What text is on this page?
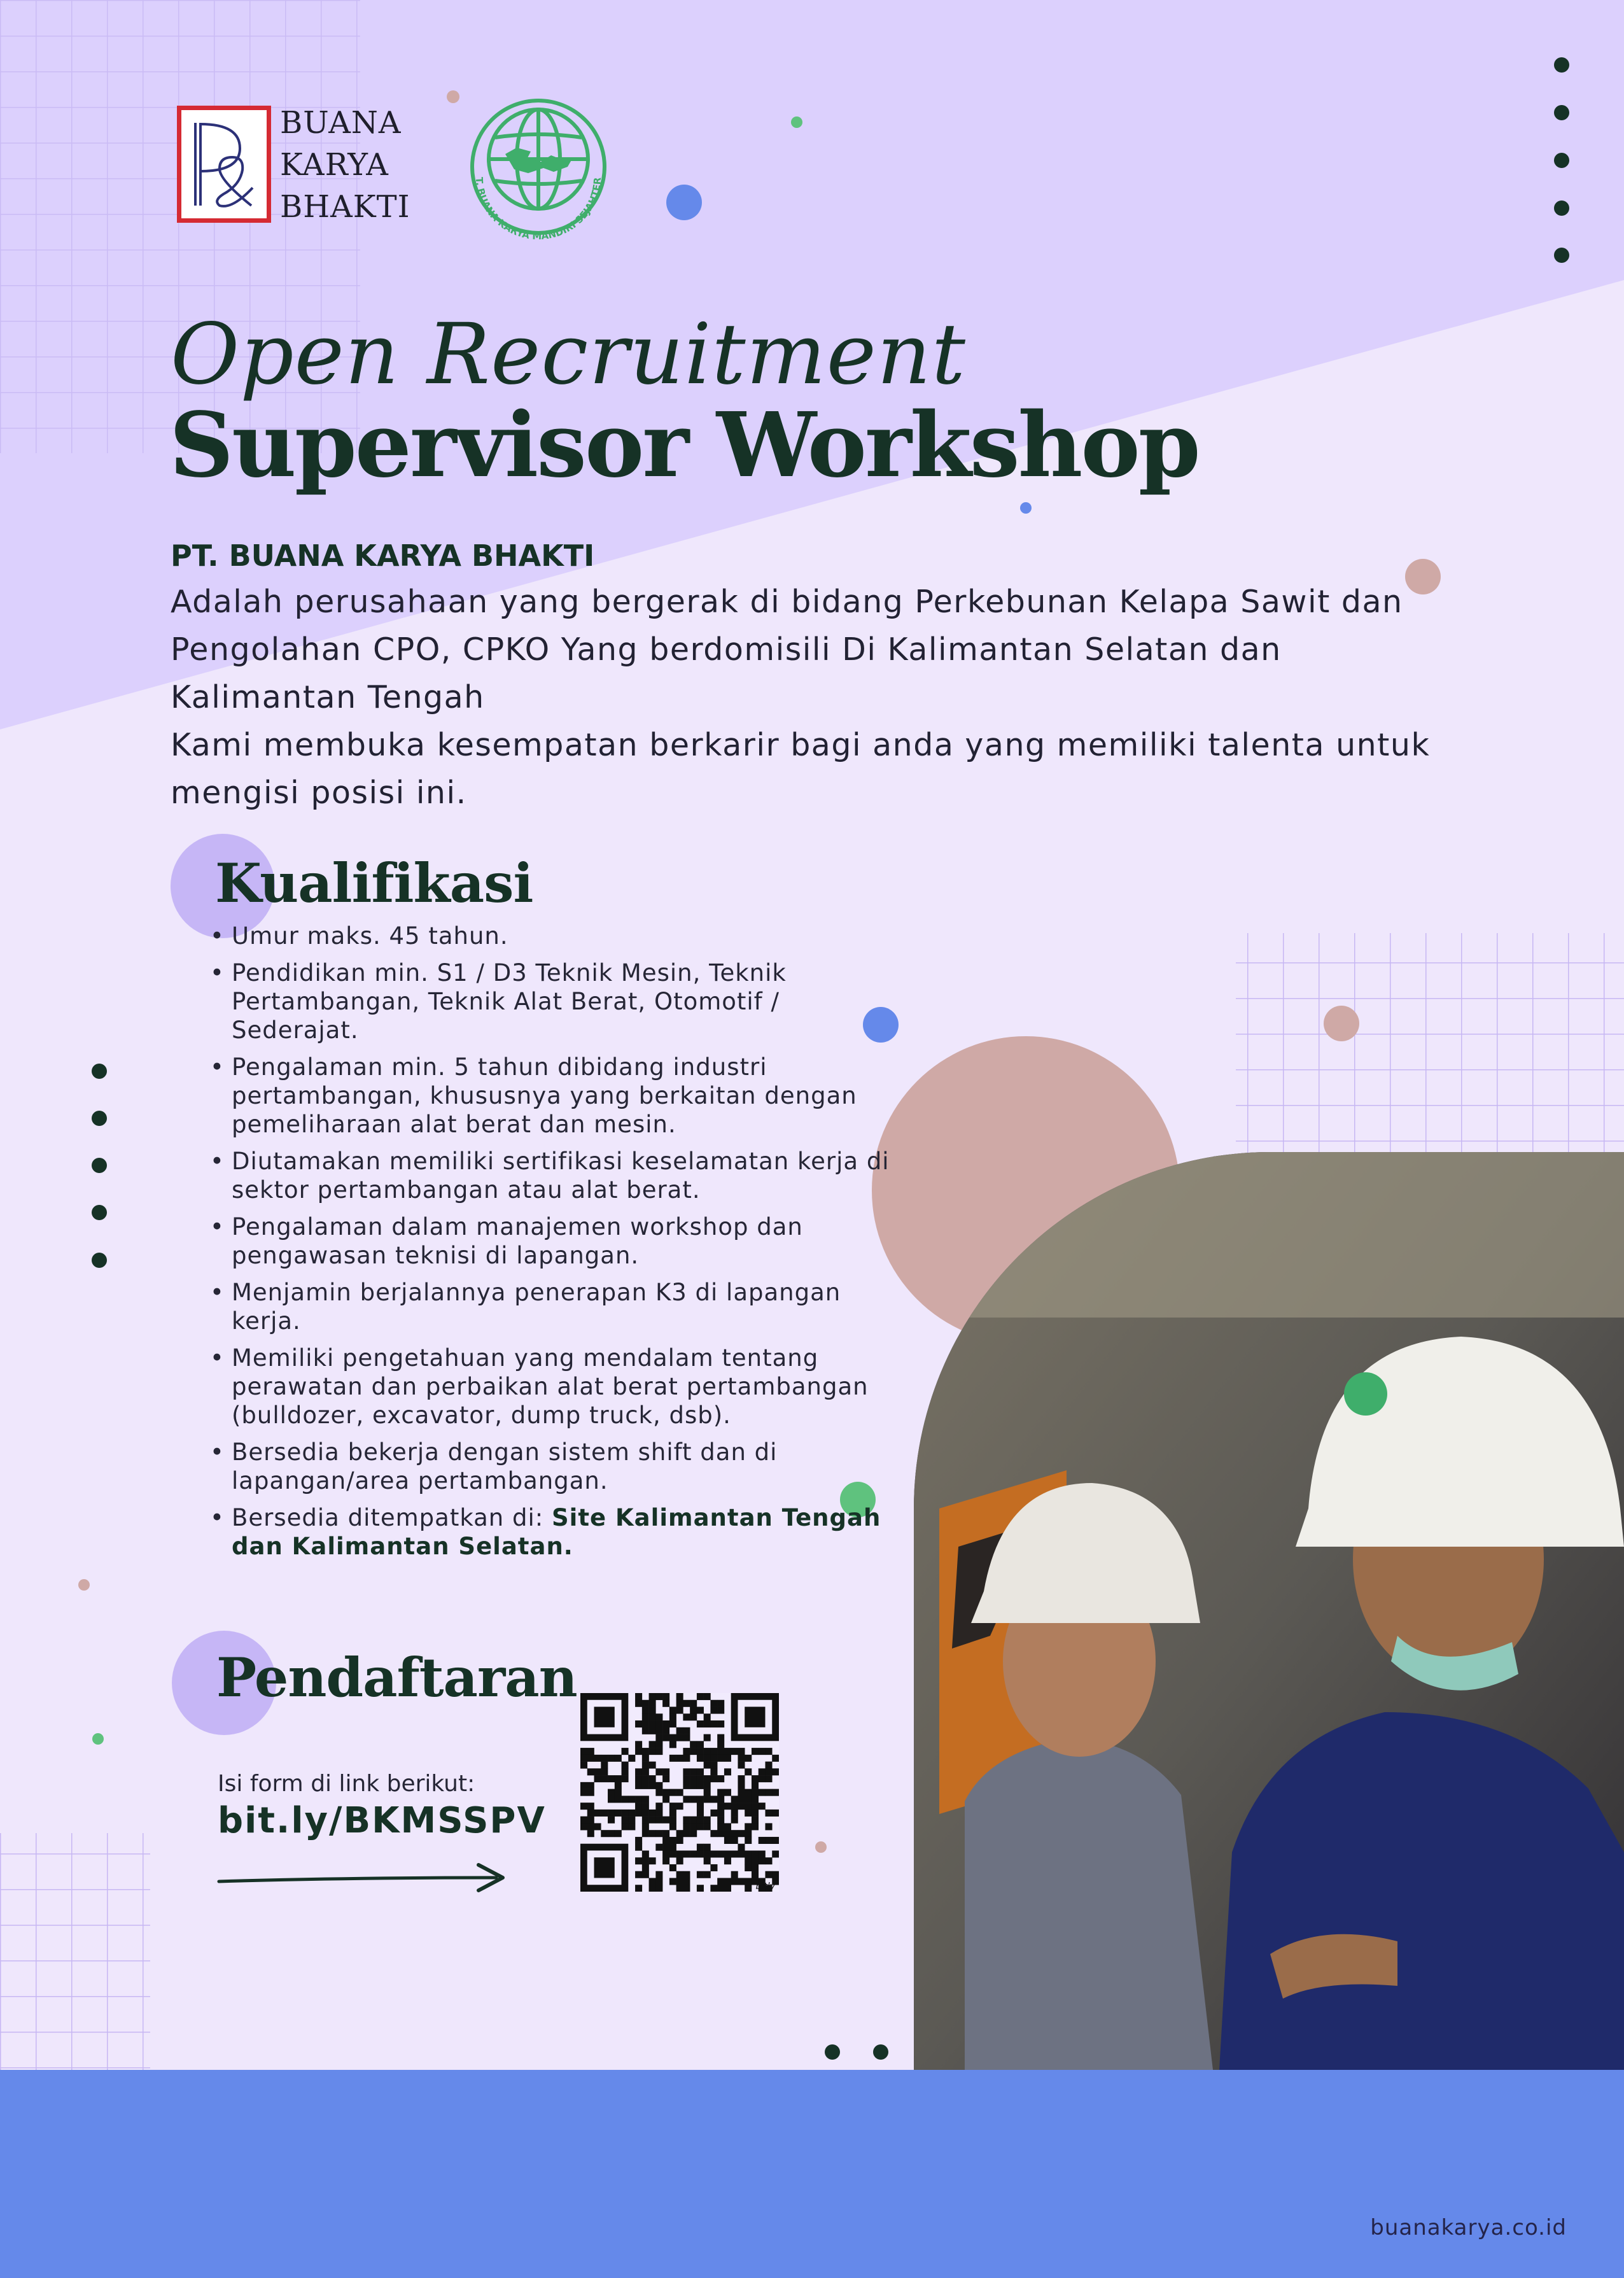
BUANA
KARYA
BHAKTI
T. BUANA KARYA MANDIRI SEJAHTER
Open Recruitment
Supervisor Workshop
PT. BUANA KARYA BHAKTI

Adalah perusahaan yang bergerak di bidang Perkebunan Kelapa Sawit dan Pengolahan CPO, CPKO Yang berdomisili Di Kalimantan Selatan dan Kalimantan Tengah

Kami membuka kesempatan berkarir bagi anda yang memiliki talenta untuk mengisi posisi ini.

Kualifikasi
• Umur maks. 45 tahun.
• Pendidikan min. S1 / D3 Teknik Mesin, Teknik Pertambangan, Teknik Alat Berat, Otomotif / Sederajat.
• Pengalaman min. 5 tahun dibidang industri pertambangan, khususnya yang berkaitan dengan pemeliharaan alat berat dan mesin.
• Diutamakan memiliki sertifikasi keselamatan kerja di sektor pertambangan atau alat berat.
• Pengalaman dalam manajemen workshop dan pengawasan teknisi di lapangan.
• Menjamin berjalannya penerapan K3 di lapangan kerja.
• Memiliki pengetahuan yang mendalam tentang perawatan dan perbaikan alat berat pertambangan (bulldozer, excavator, dump truck, dsb).
• Bersedia bekerja dengan sistem shift dan di lapangan/area pertambangan.
• Bersedia ditempatkan di: Site Kalimantan Tengah dan Kalimantan Selatan.
Pendaftaran
Isi form di link berikut:
bit.ly/BKMSSPV
bitly
buanakarya.co.id
